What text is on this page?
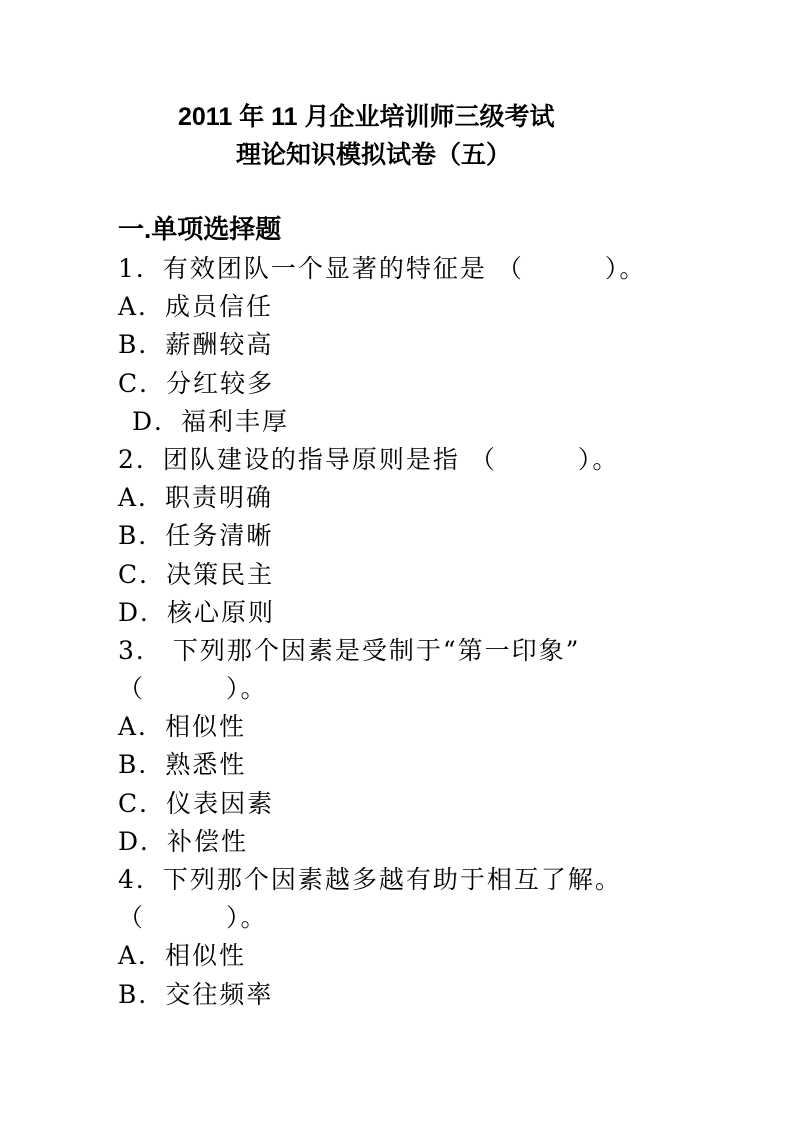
2011 年 11 月企业培训师三级考试
理论知识模拟试卷（五）
一.单项选择题
1．有效团队一个显著的特征是 （　　　）。
A．成员信任
B．薪酬较高
C．分红较多
D．福利丰厚
2．团队建设的指导原则是指 （　　　）。
A．职责明确
B．任务清晰
C．决策民主
D．核心原则
3． 下列那个因素是受制于“第一印象”
（　　　）。
A．相似性
B．熟悉性
C．仪表因素
D．补偿性
4．下列那个因素越多越有助于相互了解。
（　　　）。
A．相似性
B．交往频率
